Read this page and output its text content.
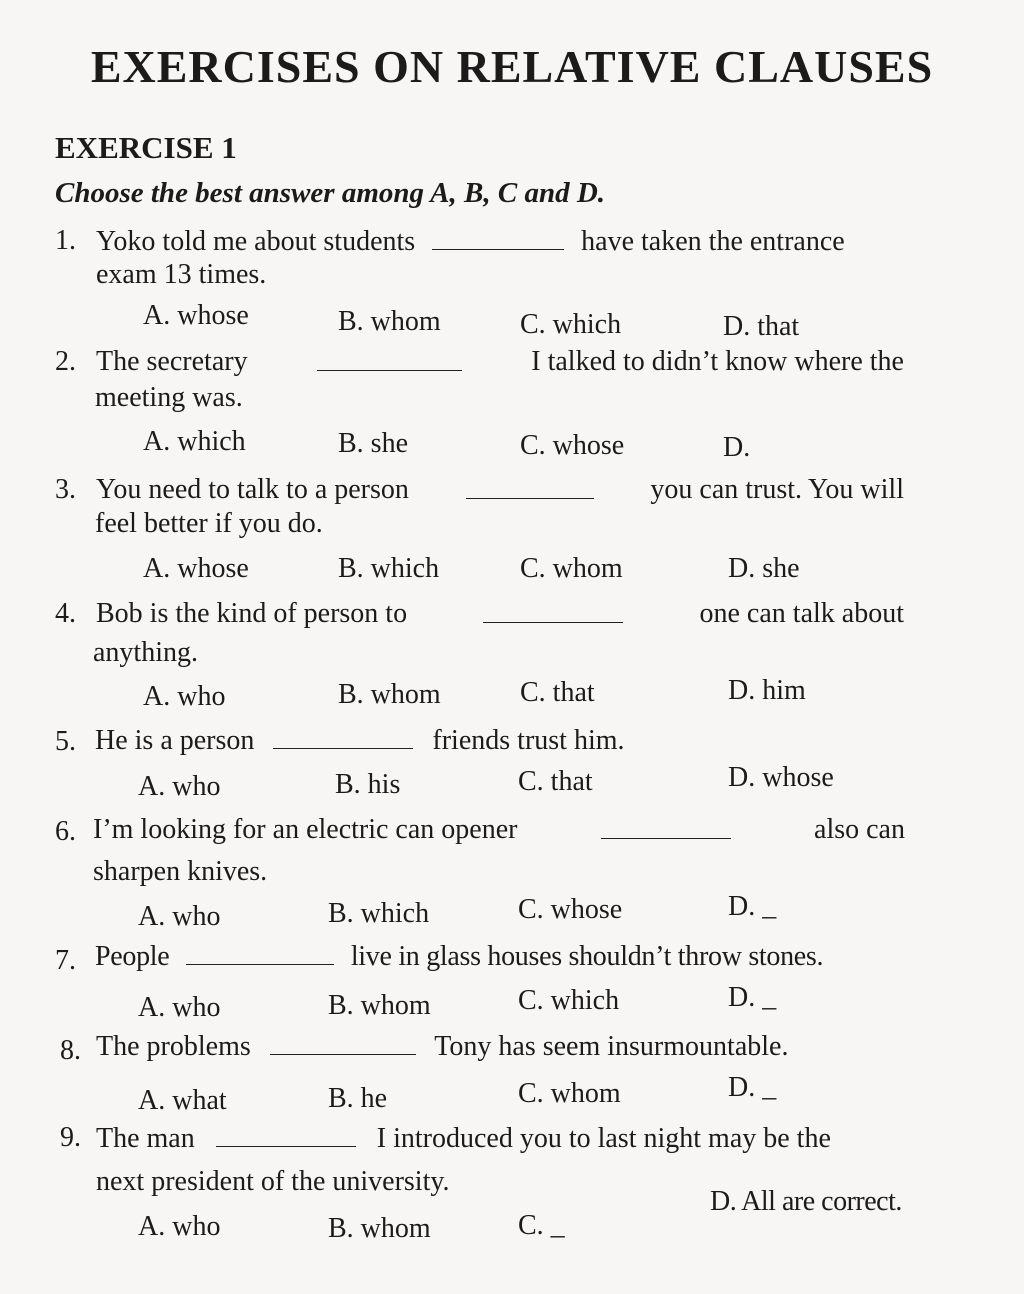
EXERCISES ON RELATIVE CLAUSES
EXERCISE 1
Choose the best answer among A, B, C and D.
1. Yoko told me about students	have taken the entrance
exam 13 times.
A. whose	B. whom	C. which	D. that
2. The secretary	I talked to didn’t know where the
meeting was.
A. which	B. she	C. whose	D.
3. You need to talk to a person	you can trust. You will
feel better if you do.
A. whose	B. which	C. whom	D. she
4. Bob is the kind of person to	one can talk about
anything.
A. who	B. whom	C. that	D. him
5. He is a person	friends trust him.
A. who	B. his	C. that	D. whose
6. I’m looking for an electric can opener	also can
sharpen knives.
A. who	B. which	C. whose	D. _
7. People	live in glass houses shouldn’t throw stones.
A. who	B. whom	C. which	D. _
8. The problems	Tony has seem insurmountable.
A. what	B. he	C. whom	D. _
9. The man	I introduced you to last night may be the
next president of the university.
A. who	B. whom	C. _
D. All are correct.
